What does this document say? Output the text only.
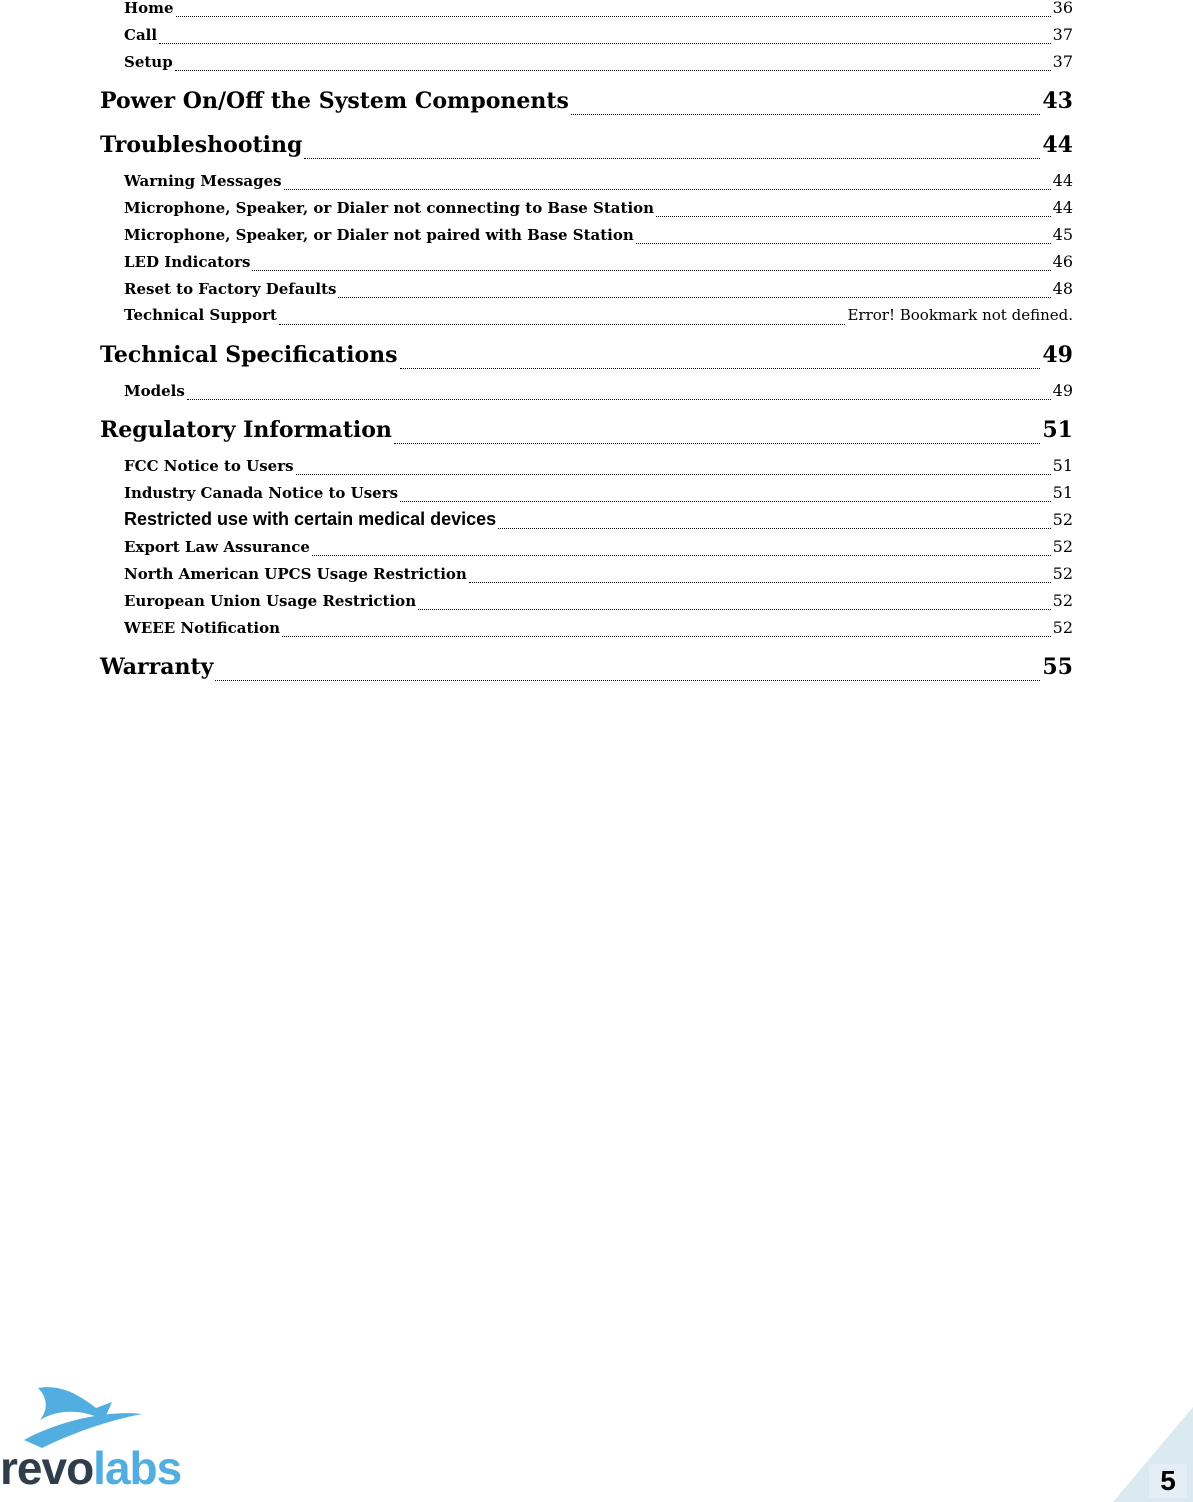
Home	36
Call	37
Setup	37
Power On/Off the System Components	43
Troubleshooting	44
Warning Messages	44
Microphone, Speaker, or Dialer not connecting to Base Station	44
Microphone, Speaker, or Dialer not paired with Base Station	45
LED Indicators	46
Reset to Factory Defaults	48
Technical Support	Error! Bookmark not defined.
Technical Specifications	49
Models	49
Regulatory Information	51
FCC Notice to Users	51
Industry Canada Notice to Users	51
Restricted use with certain medical devices	52
Export Law Assurance	52
North American UPCS Usage Restriction	52
European Union Usage Restriction	52
WEEE Notification	52
Warranty	55
revolabs	5
